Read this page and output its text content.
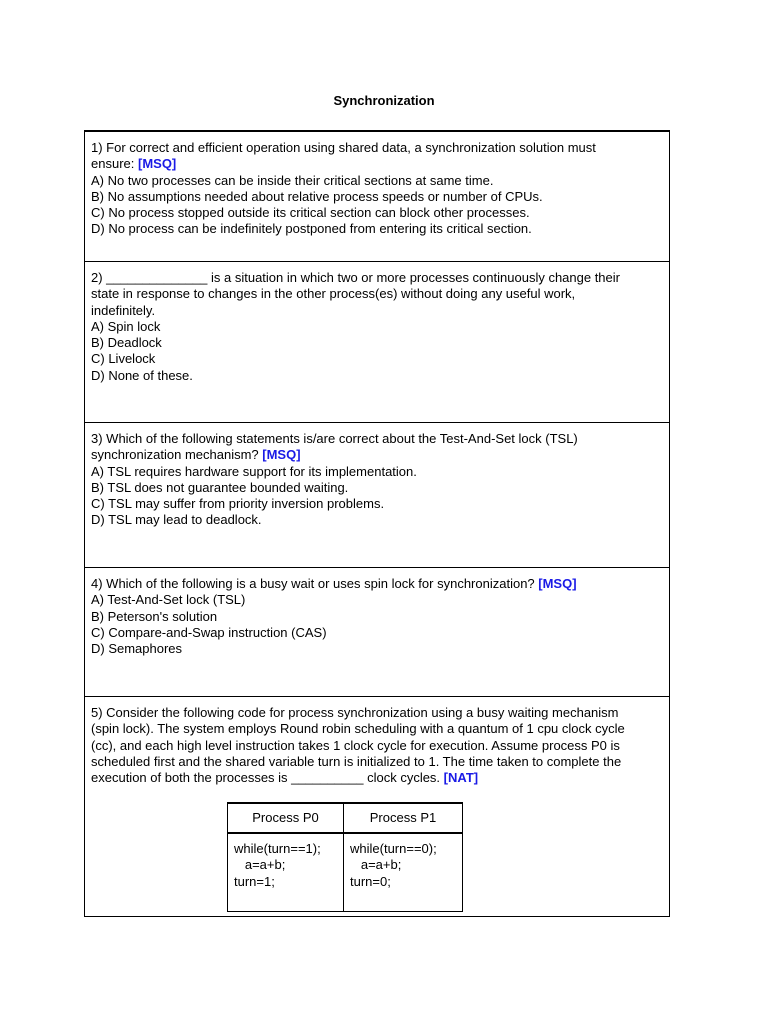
Synchronization
1) For correct and efficient operation using shared data, a synchronization solution must
ensure: [MSQ]
A) No two processes can be inside their critical sections at same time.
B) No assumptions needed about relative process speeds or number of CPUs.
C) No process stopped outside its critical section can block other processes.
D) No process can be indefinitely postponed from entering its critical section.
2) ______________ is a situation in which two or more processes continuously change their
state in response to changes in the other process(es) without doing any useful work,
indefinitely.
A) Spin lock
B) Deadlock
C) Livelock
D) None of these.
3) Which of the following statements is/are correct about the Test-And-Set lock (TSL)
synchronization mechanism? [MSQ]
A) TSL requires hardware support for its implementation.
B) TSL does not guarantee bounded waiting.
C) TSL may suffer from priority inversion problems.
D) TSL may lead to deadlock.
4) Which of the following is a busy wait or uses spin lock for synchronization? [MSQ]
A) Test-And-Set lock (TSL)
B) Peterson's solution
C) Compare-and-Swap instruction (CAS)
D) Semaphores
5) Consider the following code for process synchronization using a busy waiting mechanism
(spin lock). The system employs Round robin scheduling with a quantum of 1 cpu clock cycle
(cc), and each high level instruction takes 1 clock cycle for execution. Assume process P0 is
scheduled first and the shared variable turn is initialized to 1. The time taken to complete the
execution of both the processes is __________ clock cycles. [NAT]
Process P0	Process P1
while(turn==1);
a=a+b;
turn=1;
while(turn==0);
a=a+b;
turn=0;
